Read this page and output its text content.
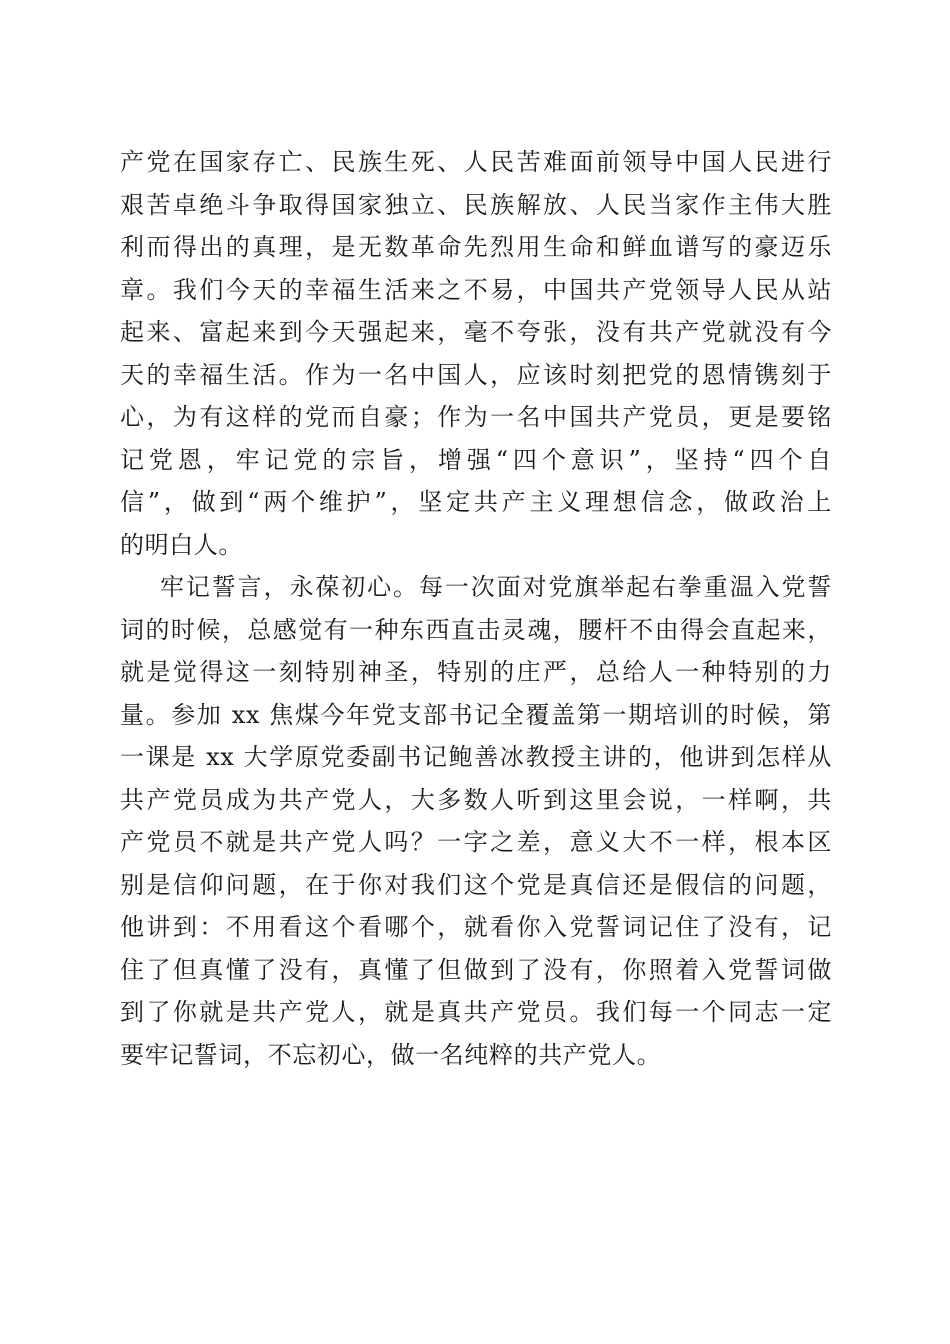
产党在国家存亡、民族生死、人民苦难面前领导中国人民进行
艰苦卓绝斗争取得国家独立、民族解放、人民当家作主伟大胜
利而得出的真理，是无数革命先烈用生命和鲜血谱写的豪迈乐
章。我们今天的幸福生活来之不易，中国共产党领导人民从站
起来、富起来到今天强起来，毫不夸张，没有共产党就没有今
天的幸福生活。作为一名中国人，应该时刻把党的恩情镌刻于
心，为有这样的党而自豪；作为一名中国共产党员，更是要铭
记党恩，牢记党的宗旨，增强“四个意识”，坚持“四个自
信”，做到“两个维护”，坚定共产主义理想信念，做政治上
的明白人。
牢记誓言，永葆初心。每一次面对党旗举起右拳重温入党誓
词的时候，总感觉有一种东西直击灵魂，腰杆不由得会直起来，
就是觉得这一刻特别神圣，特别的庄严，总给人一种特别的力
量。参加 xx 焦煤今年党支部书记全覆盖第一期培训的时候，第
一课是 xx 大学原党委副书记鲍善冰教授主讲的，他讲到怎样从
共产党员成为共产党人，大多数人听到这里会说，一样啊，共
产党员不就是共产党人吗？一字之差，意义大不一样，根本区
别是信仰问题，在于你对我们这个党是真信还是假信的问题，
他讲到：不用看这个看哪个，就看你入党誓词记住了没有，记
住了但真懂了没有，真懂了但做到了没有，你照着入党誓词做
到了你就是共产党人，就是真共产党员。我们每一个同志一定
要牢记誓词，不忘初心，做一名纯粹的共产党人。
